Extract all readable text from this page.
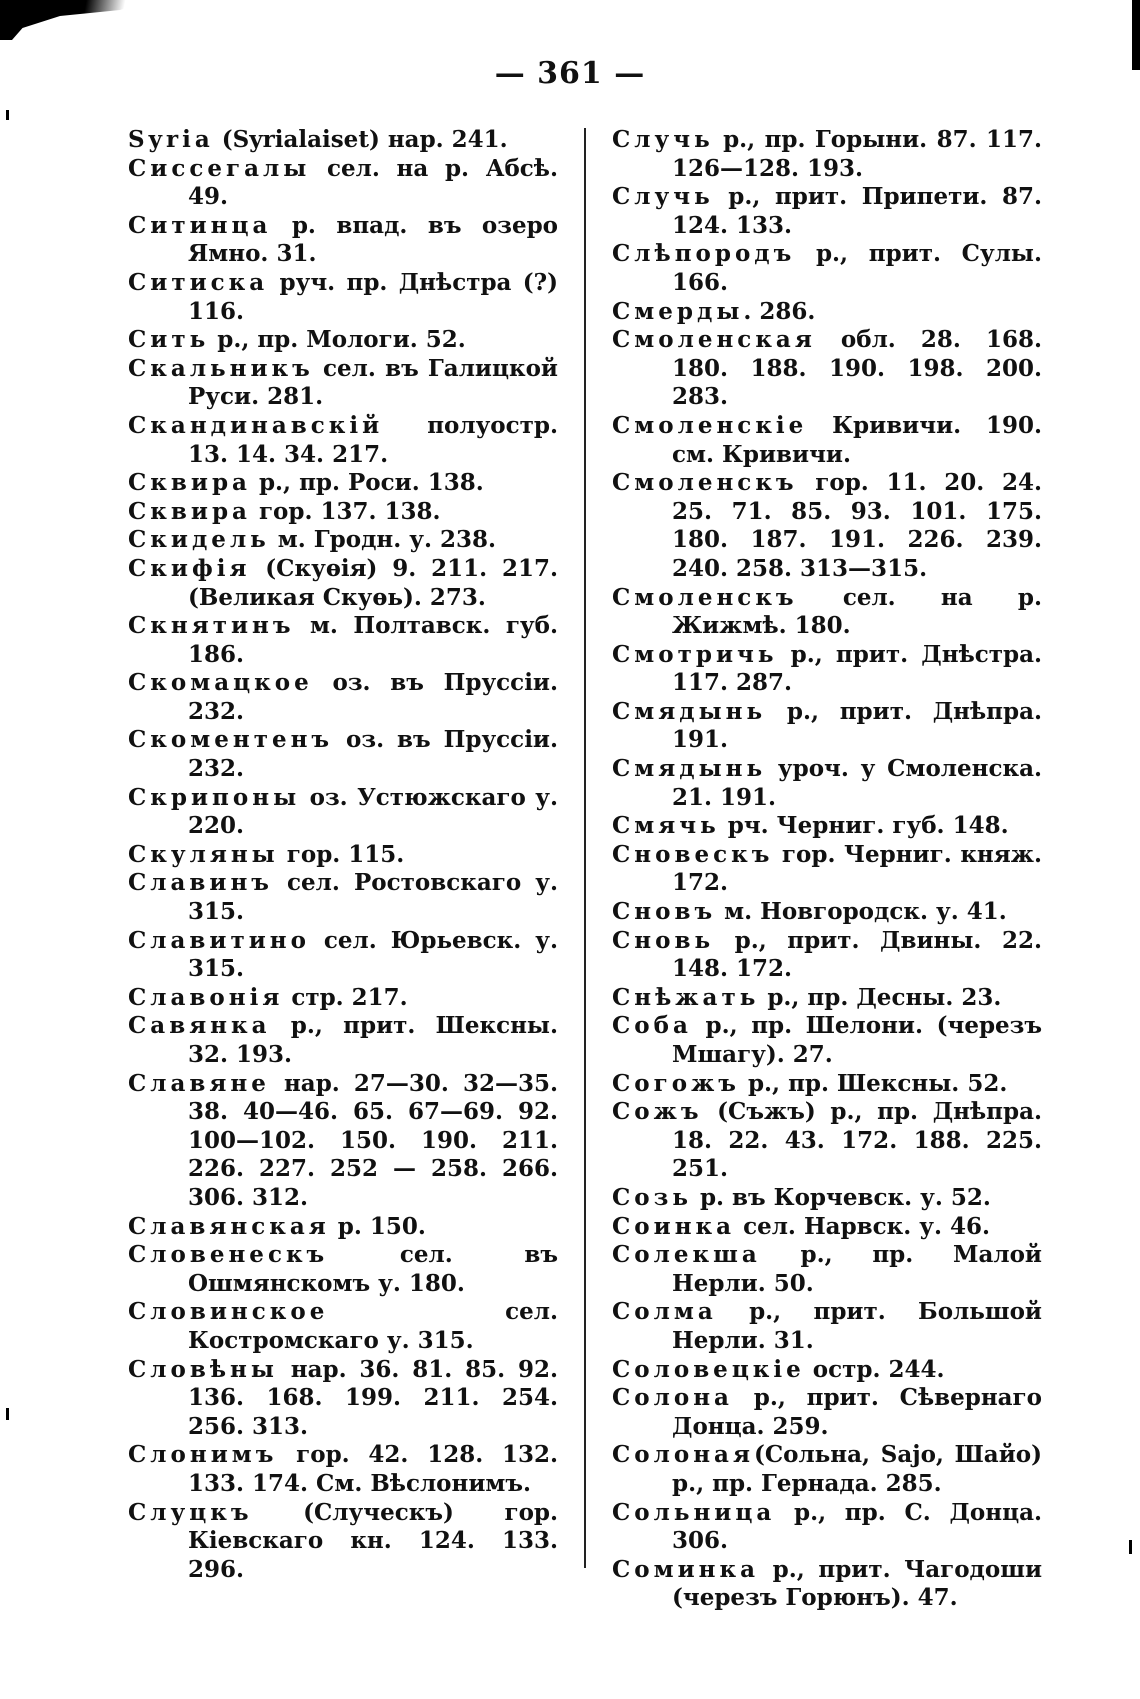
— 361 —
Syria (Syrialaiset) нар. 241.
Сиссегалы сел. на р. Абсѣ. 49.
Ситинца р. впад. въ озеро Ямно. 31.
Ситиска руч. пр. Днѣстра (?) 116.
Сить р., пр. Мологи. 52.
Скальникъ сел. въ Галицкой Руси. 281.
Скандинавскій полуостр. 13. 14. 34. 217.
Сквира р., пр. Роси. 138.
Сквира гор. 137. 138.
Скидель м. Гродн. у. 238.
Скифія (Скуѳія) 9. 211. 217. (Великая Скуѳь). 273.
Скнятинъ м. Полтавск. губ. 186.
Скомацкое оз. въ Пруссіи. 232.
Скоментенъ оз. въ Пруссіи. 232.
Скрипоны оз. Устюжскаго у. 220.
Скуляны гор. 115.
Славинъ сел. Ростовскаго у. 315.
Славитино сел. Юрьевск. у. 315.
Славонія стр. 217.
Савянка р., прит. Шексны. 32. 193.
Славяне нар. 27—30. 32—35. 38. 40—46. 65. 67—69. 92. 100—102. 150. 190. 211. 226. 227. 252 — 258. 266. 306. 312.
Славянская р. 150.
Словенескъ сел. въ Ошмянскомъ у. 180.
Словинское сел. Костромскаго у. 315.
Словѣны нар. 36. 81. 85. 92. 136. 168. 199. 211. 254. 256. 313.
Слонимъ гор. 42. 128. 132. 133. 174. См. Вѣслонимъ.
Слуцкъ (Случескъ) гор. Кіевскаго кн. 124. 133. 296.
Случь р., пр. Горыни. 87. 117. 126—128. 193.
Случь р., прит. Припети. 87. 124. 133.
Слѣпородъ р., прит. Сулы. 166.
Смерды. 286.
Смоленская обл. 28. 168. 180. 188. 190. 198. 200. 283.
Смоленскіе Кривичи. 190. см. Кривичи.
Смоленскъ гор. 11. 20. 24. 25. 71. 85. 93. 101. 175. 180. 187. 191. 226. 239. 240. 258. 313—315.
Смоленскъ сел. на р. Жижмѣ. 180.
Смотричь р., прит. Днѣстра. 117. 287.
Смядынь р., прит. Днѣпра. 191.
Смядынь уроч. у Смоленска. 21. 191.
Смячь рч. Черниг. губ. 148.
Сновескъ гор. Черниг. княж. 172.
Сновъ м. Новгородск. у. 41.
Сновь р., прит. Двины. 22. 148. 172.
Снѣжать р., пр. Десны. 23.
Соба р., пр. Шелони. (черезъ Мшагу). 27.
Согожъ р., пр. Шексны. 52.
Сожъ (Съжъ) р., пр. Днѣпра. 18. 22. 43. 172. 188. 225. 251.
Созь р. въ Корчевск. у. 52.
Соинка сел. Нарвск. у. 46.
Солекша р., пр. Малой Нерли. 50.
Солма р., прит. Большой Нерли. 31.
Соловецкіе остр. 244.
Солона р., прит. Сѣвернаго Донца. 259.
Солоная(Сольна, Sajo, Шайо) р., пр. Гернада. 285.
Сольница р., пр. С. Донца. 306.
Соминка р., прит. Чагодоши (черезъ Горюнъ). 47.
